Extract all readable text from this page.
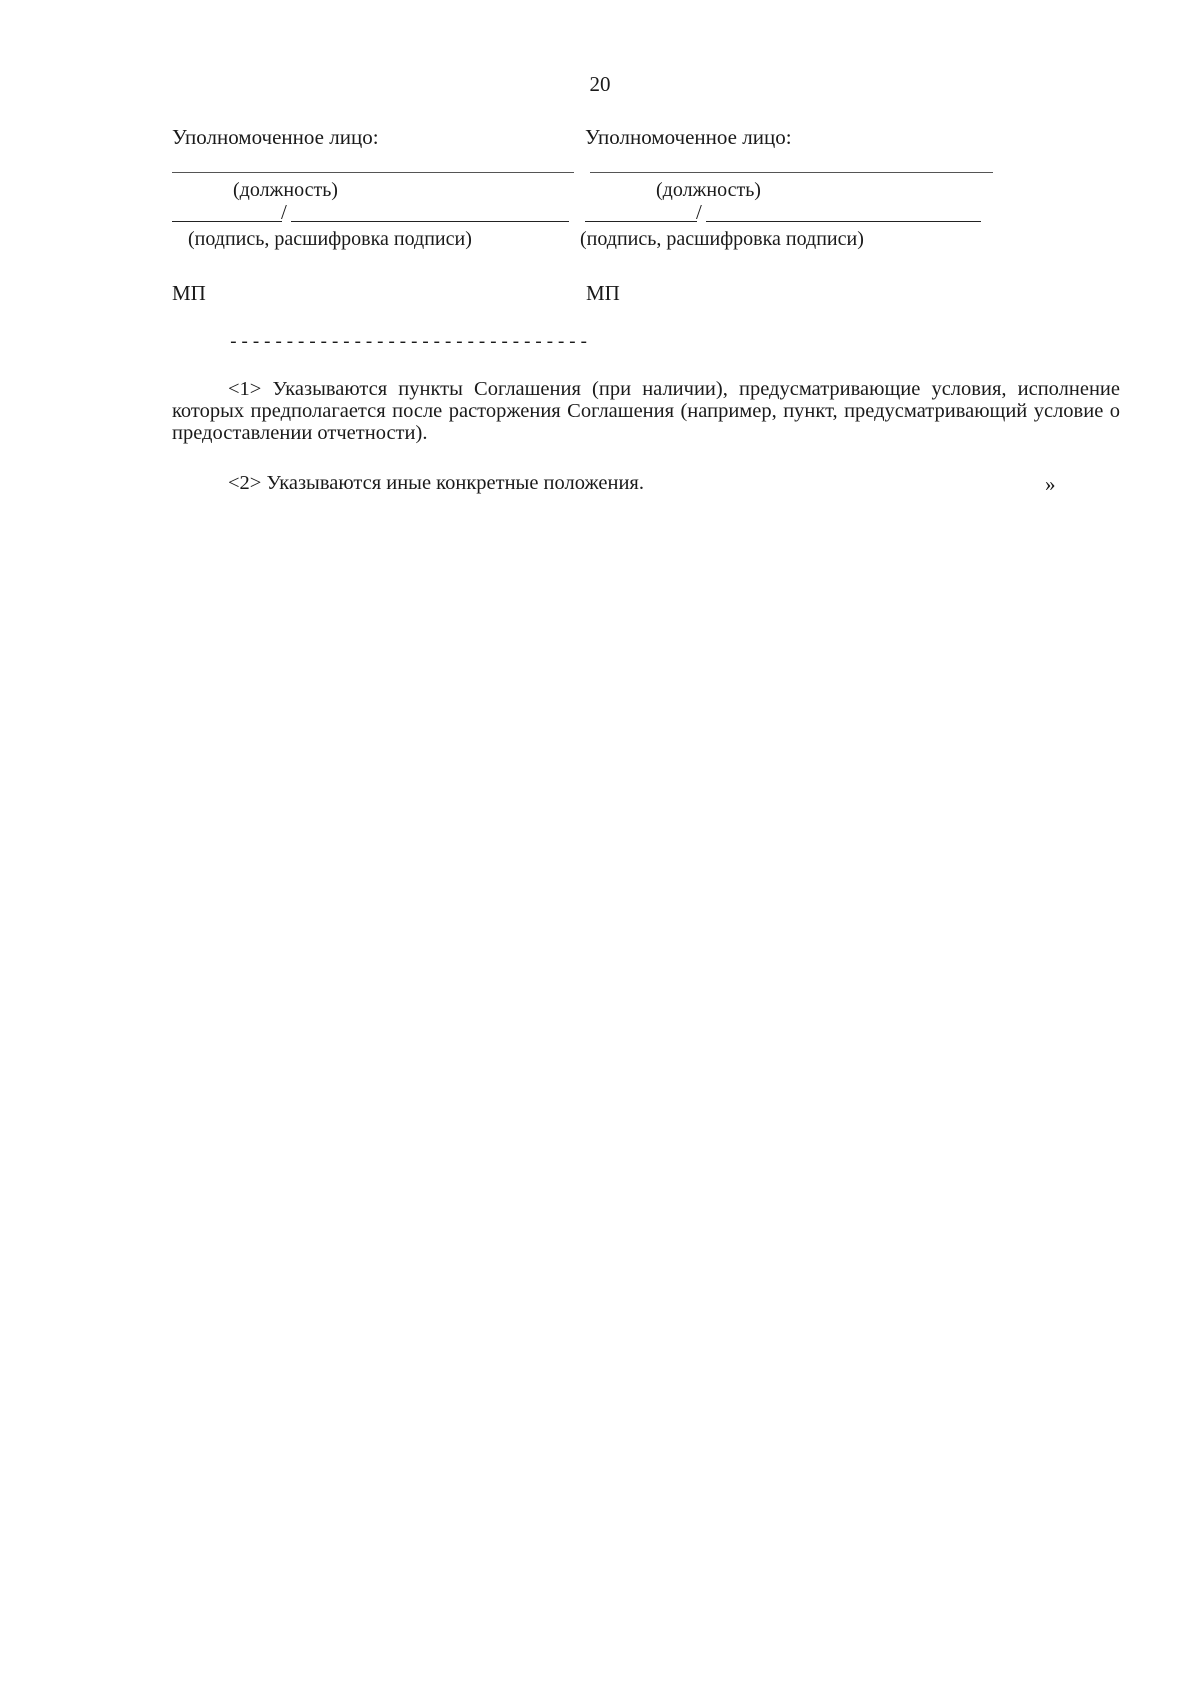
20
Уполномоченное лицо:
(должность)
/
(подпись, расшифровка подписи)
МП
Уполномоченное лицо:
(должность)
/
(подпись, расшифровка подписи)
МП
--------------------------------
<1> Указываются пункты Соглашения (при наличии), предусматривающие условия, исполнение которых предполагается после расторжения Соглашения (например, пункт, предусматривающий условие о предоставлении отчетности).
<2> Указываются иные конкретные положения.	»
